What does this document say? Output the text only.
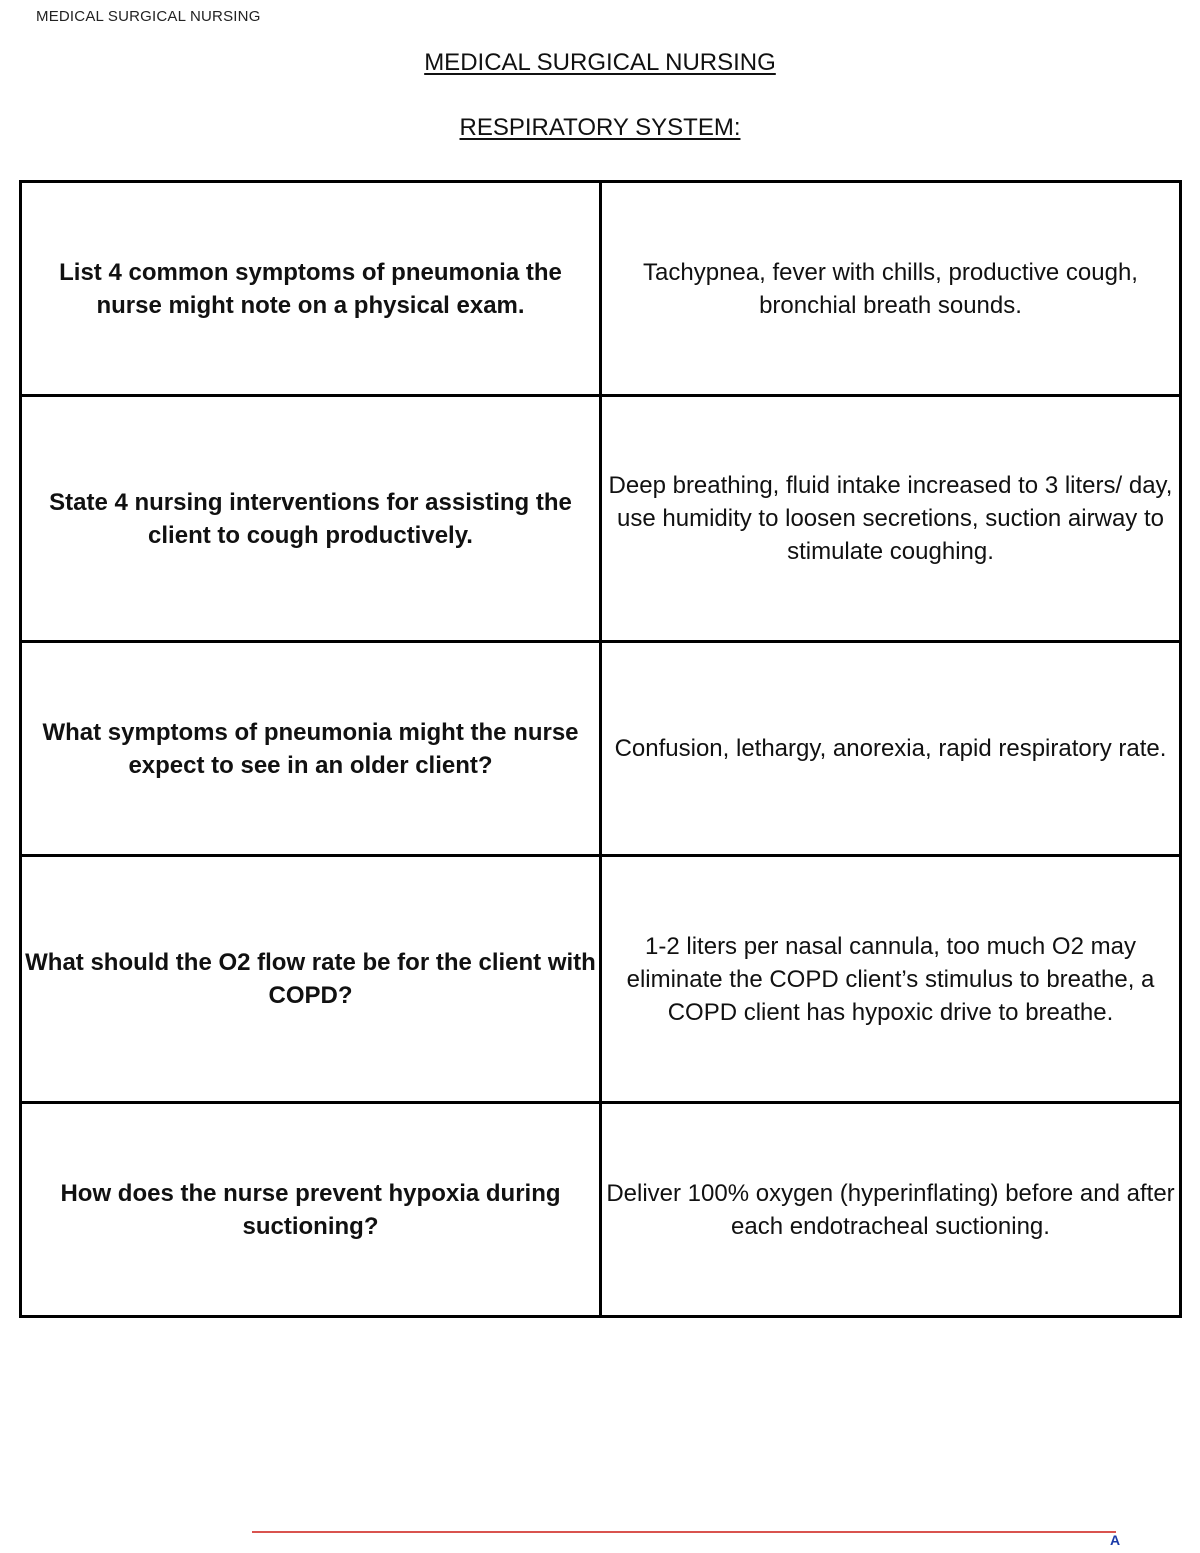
MEDICAL SURGICAL NURSING
MEDICAL SURGICAL NURSING
RESPIRATORY SYSTEM:
List 4 common symptoms of pneumonia the nurse might note on a physical exam.	Tachypnea, fever with chills, productive cough, bronchial breath sounds.
State 4 nursing interventions for assisting the client to cough productively.	Deep breathing, fluid intake increased to 3 liters/ day, use humidity to loosen secretions, suction airway to stimulate coughing.
What symptoms of pneumonia might the nurse expect to see in an older client?	Confusion, lethargy, anorexia, rapid respiratory rate.
What should the O2 flow rate be for the client with COPD?	1-2 liters per nasal cannula, too much O2 may eliminate the COPD client’s stimulus to breathe, a COPD client has hypoxic drive to breathe.
How does the nurse prevent hypoxia during suctioning?	Deliver 100% oxygen (hyperinflating) before and after each endotracheal suctioning.
A
